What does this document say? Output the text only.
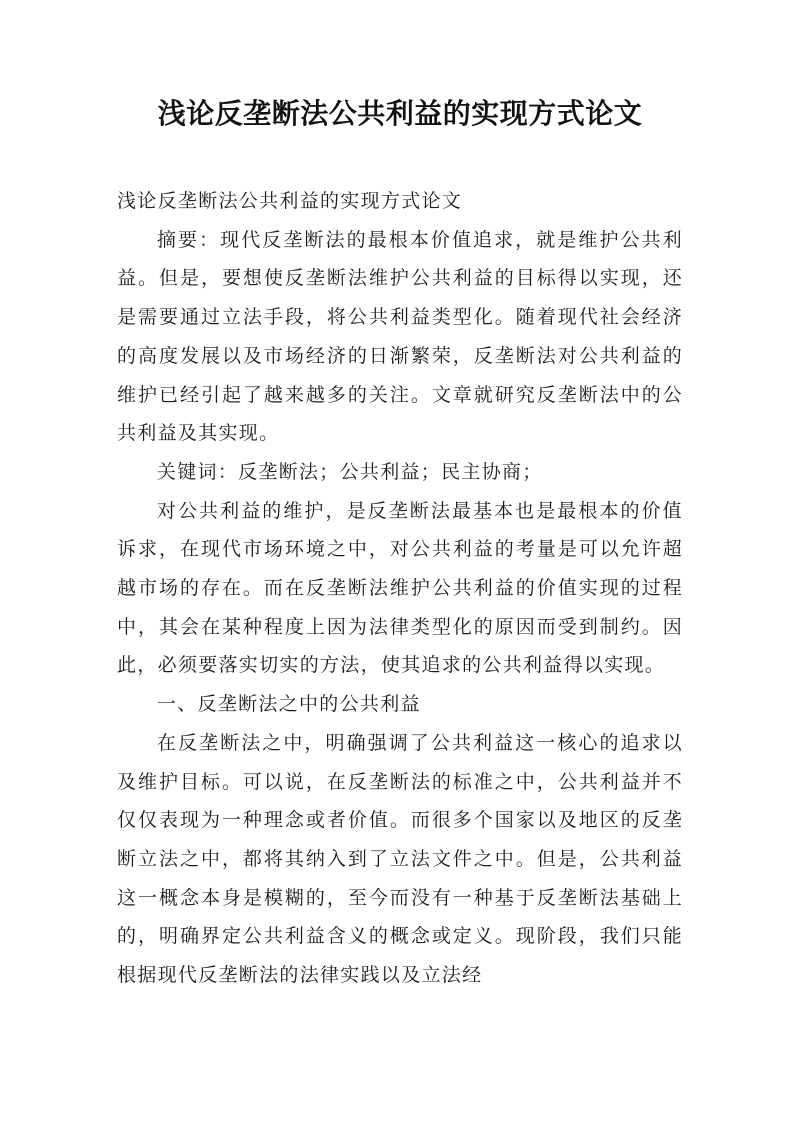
浅论反垄断法公共利益的实现方式论文

浅论反垄断法公共利益的实现方式论文

摘要：现代反垄断法的最根本价值追求，就是维护公共利益。但是，要想使反垄断法维护公共利益的目标得以实现，还是需要通过立法手段，将公共利益类型化。随着现代社会经济的高度发展以及市场经济的日渐繁荣，反垄断法对公共利益的维护已经引起了越来越多的关注。文章就研究反垄断法中的公共利益及其实现。

关键词：反垄断法；公共利益；民主协商；

对公共利益的维护，是反垄断法最基本也是最根本的价值诉求，在现代市场环境之中，对公共利益的考量是可以允许超越市场的存在。而在反垄断法维护公共利益的价值实现的过程中，其会在某种程度上因为法律类型化的原因而受到制约。因此，必须要落实切实的方法，使其追求的公共利益得以实现。

一、反垄断法之中的公共利益

在反垄断法之中，明确强调了公共利益这一核心的追求以及维护目标。可以说，在反垄断法的标准之中，公共利益并不仅仅表现为一种理念或者价值。而很多个国家以及地区的反垄断立法之中，都将其纳入到了立法文件之中。但是，公共利益这一概念本身是模糊的，至今而没有一种基于反垄断法基础上的，明确界定公共利益含义的概念或定义。现阶段，我们只能根据现代反垄断法的法律实践以及立法经
